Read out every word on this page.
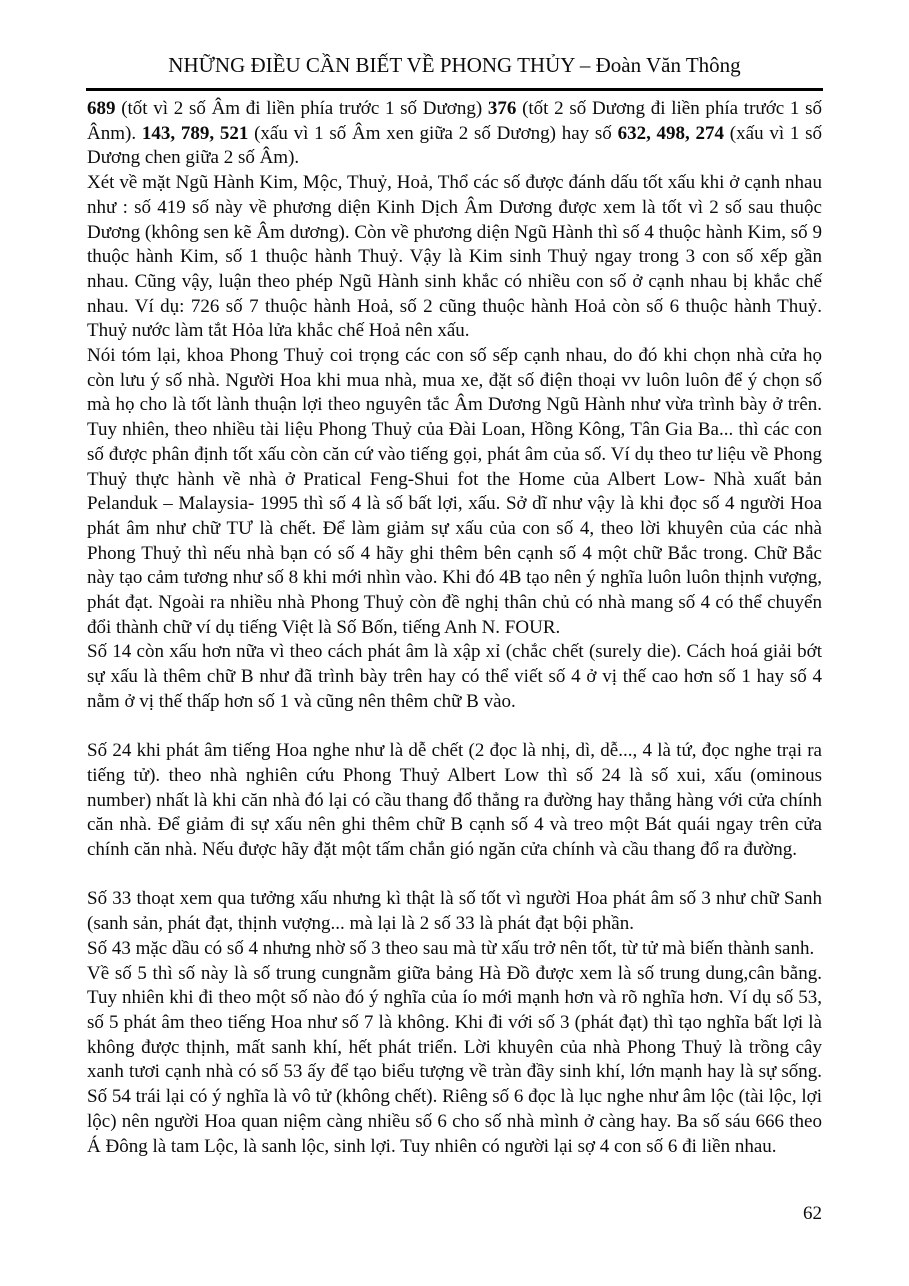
NHỮNG ĐIỀU CẦN BIẾT VỀ PHONG THỦY – Đoàn Văn Thông

689 (tốt vì 2 số Âm đi liền phía trước 1 số Dương) 376 (tốt 2 số Dương đi liền phía trước 1 số Ânm). 143, 789, 521 (xấu vì 1 số Âm xen giữa 2 số Dương) hay số 632, 498, 274 (xấu vì 1 số Dương chen giữa 2 số Âm).

Xét về mặt Ngũ Hành Kim, Mộc, Thuỷ, Hoả, Thổ các số được đánh dấu tốt xấu khi ở cạnh nhau như : số 419 số này về phương diện Kinh Dịch Âm Dương được xem là tốt vì 2 số sau thuộc Dương (không sen kẽ Âm dương). Còn về phương diện Ngũ Hành thì số 4 thuộc hành Kim, số 9 thuộc hành Kim, số 1 thuộc hành Thuỷ. Vậy là Kim sinh Thuỷ ngay trong 3 con số xếp gần nhau. Cũng vậy, luận theo phép Ngũ Hành sinh khắc có nhiều con số ở cạnh nhau bị khắc chế nhau. Ví dụ: 726 số 7 thuộc hành Hoả, số 2 cũng thuộc hành Hoả còn số 6 thuộc hành Thuỷ. Thuỷ nước làm tắt Hỏa lửa khắc chế Hoả nên xấu.

Nói tóm lại, khoa Phong Thuỷ coi trọng các con số sếp cạnh nhau, do đó khi chọn nhà cửa họ còn lưu ý số nhà. Người Hoa khi mua nhà, mua xe, đặt số điện thoại vv luôn luôn để ý chọn số mà họ cho là tốt lành thuận lợi theo nguyên tắc Âm Dương Ngũ Hành như vừa trình bày ở trên. Tuy nhiên, theo nhiều tài liệu Phong Thuỷ của Đài Loan, Hồng Kông, Tân Gia Ba... thì các con số được phân định tốt xấu còn căn cứ vào tiếng gọi, phát âm của số. Ví dụ theo tư liệu về Phong Thuỷ thực hành về nhà ở Pratical Feng-Shui fot the Home của Albert Low- Nhà xuất bản Pelanduk – Malaysia- 1995 thì số 4 là số bất lợi, xấu. Sở dĩ như vậy là khi đọc số 4 người Hoa phát âm như chữ TƯ là chết. Để làm giảm sự xấu của con số 4, theo lời khuyên của các nhà Phong Thuỷ thì nếu nhà bạn có số 4 hãy ghi thêm bên cạnh số 4 một chữ Bắc trong. Chữ Bắc này tạo cảm tương như số 8 khi mới nhìn vào. Khi đó 4B tạo nên ý nghĩa luôn luôn thịnh vượng, phát đạt. Ngoài ra nhiều nhà Phong Thuỷ còn đề nghị thân chủ có nhà mang số 4 có thể chuyển đổi thành chữ ví dụ tiếng Việt là Số Bốn, tiếng Anh N. FOUR.

Số 14 còn xấu hơn nữa vì theo cách phát âm là xập xỉ (chắc chết (surely die). Cách hoá giải bớt sự xấu là thêm chữ B như đã trình bày trên hay có thể viết số 4 ở vị thế cao hơn số 1 hay số 4 nằm ở vị thế thấp hơn số 1 và cũng nên thêm chữ B vào.

Số 24 khi phát âm tiếng Hoa nghe như là dễ chết (2 đọc là nhị, dì, dễ..., 4 là tứ, đọc nghe trại ra tiếng tử). theo nhà nghiên cứu Phong Thuỷ Albert Low thì số 24 là số xui, xấu (ominous number) nhất là khi căn nhà đó lại có cầu thang đổ thẳng ra đường hay thẳng hàng với cửa chính căn nhà. Để giảm đi sự xấu nên ghi thêm chữ B cạnh số 4 và treo một Bát quái ngay trên cửa chính căn nhà. Nếu được hãy đặt một tấm chắn gió ngăn cửa chính và cầu thang đổ ra đường.

Số 33 thoạt xem qua tưởng xấu nhưng kì thật là số tốt vì người Hoa phát âm số 3 như chữ Sanh (sanh sản, phát đạt, thịnh vượng... mà lại là 2 số 33 là phát đạt bội phần.

Số 43 mặc dầu có số 4 nhưng nhờ số 3 theo sau mà từ xấu trở nên tốt, từ tử mà biến thành sanh.

Về số 5 thì số này là số trung cungnằm giữa bảng Hà Đồ được xem là số trung dung,cân bằng. Tuy nhiên khi đi theo một số nào đó ý nghĩa của ío mới mạnh hơn và rõ nghĩa hơn. Ví dụ số 53, số 5 phát âm theo tiếng Hoa như số 7 là không. Khi đi với số 3 (phát đạt) thì tạo nghĩa bất lợi là không được thịnh, mất sanh khí, hết phát triển. Lời khuyên của nhà Phong Thuỷ là trồng cây xanh tươi cạnh nhà có số 53 ấy để tạo biểu tượng về tràn đầy sinh khí, lớn mạnh hay là sự sống. Số 54 trái lại có ý nghĩa là vô tử (không chết). Riêng số 6 đọc là lục nghe như âm lộc (tài lộc, lợi lộc) nên người Hoa quan niệm càng nhiều số 6 cho số nhà mình ở càng hay. Ba số sáu 666 theo Á Đông là tam Lộc, là sanh lộc, sinh lợi. Tuy nhiên có người lại sợ 4 con số 6 đi liền nhau.

62
